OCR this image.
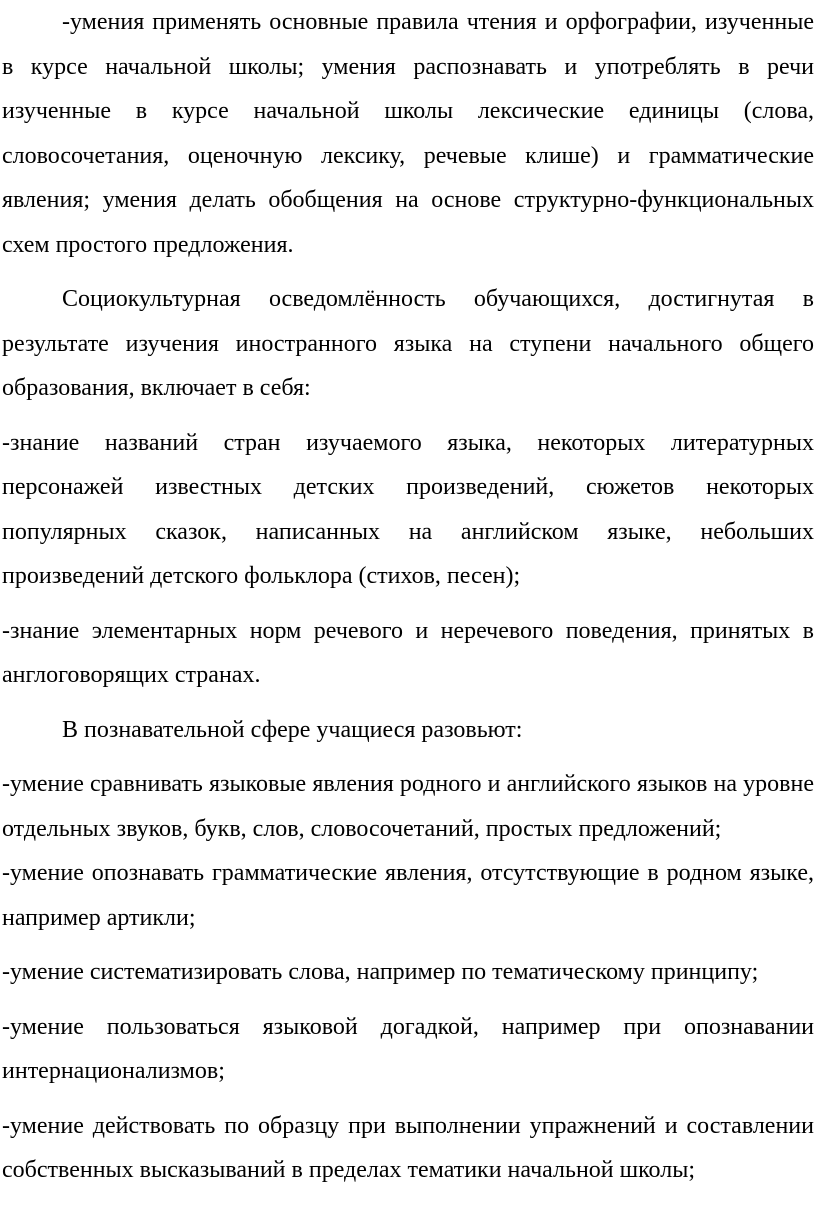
-умения применять основные правила чтения и орфографии, изученные в курсе начальной школы; умения распознавать и употреблять в речи изученные в курсе начальной школы лексические единицы (слова, словосочетания, оценочную лексику, речевые клише) и грамматические явления; умения делать обобщения на основе структурно-функциональных схем простого предложения.

Социокультурная осведомлённость обучающихся, достигнутая в результате изучения иностранного языка на ступени начального общего образования, включает в себя:

-знание названий стран изучаемого языка, некоторых литературных персонажей известных детских произведений, сюжетов некоторых популярных сказок, написанных на английском языке, небольших произведений детского фольклора (стихов, песен);

-знание элементарных норм речевого и неречевого поведения, принятых в англоговорящих странах.

В познавательной сфере учащиеся разовьют:

-умение сравнивать языковые явления родного и английского языков на уровне отдельных звуков, букв, слов, словосочетаний, простых предложений;

-умение опознавать грамматические явления, отсутствующие в родном языке, например артикли;

-умение систематизировать слова, например по тематическому принципу;

-умение пользоваться языковой догадкой, например при опознавании интернационализмов;

-умение действовать по образцу при выполнении упражнений и составлении собственных высказываний в пределах тематики начальной школы;
